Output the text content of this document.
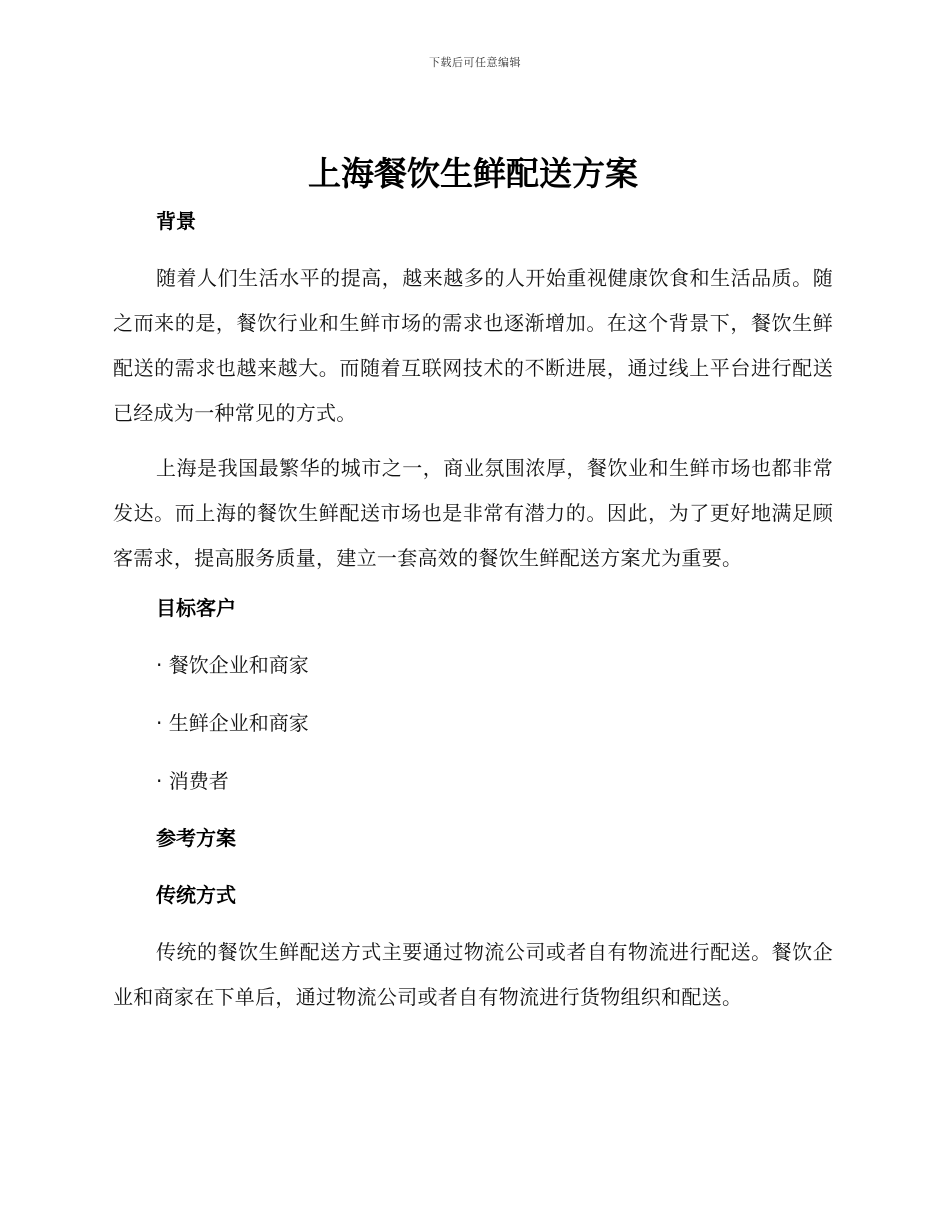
下载后可任意编辑
上海餐饮生鲜配送方案
背景

随着人们生活水平的提高，越来越多的人开始重视健康饮食和生活品质。随之而来的是，餐饮行业和生鲜市场的需求也逐渐增加。在这个背景下，餐饮生鲜配送的需求也越来越大。而随着互联网技术的不断进展，通过线上平台进行配送已经成为一种常见的方式。

上海是我国最繁华的城市之一，商业氛围浓厚，餐饮业和生鲜市场也都非常发达。而上海的餐饮生鲜配送市场也是非常有潜力的。因此，为了更好地满足顾客需求，提高服务质量，建立一套高效的餐饮生鲜配送方案尤为重要。

目标客户

· 餐饮企业和商家

· 生鲜企业和商家

· 消费者

参考方案
传统方式

传统的餐饮生鲜配送方式主要通过物流公司或者自有物流进行配送。餐饮企业和商家在下单后，通过物流公司或者自有物流进行货物组织和配送。
